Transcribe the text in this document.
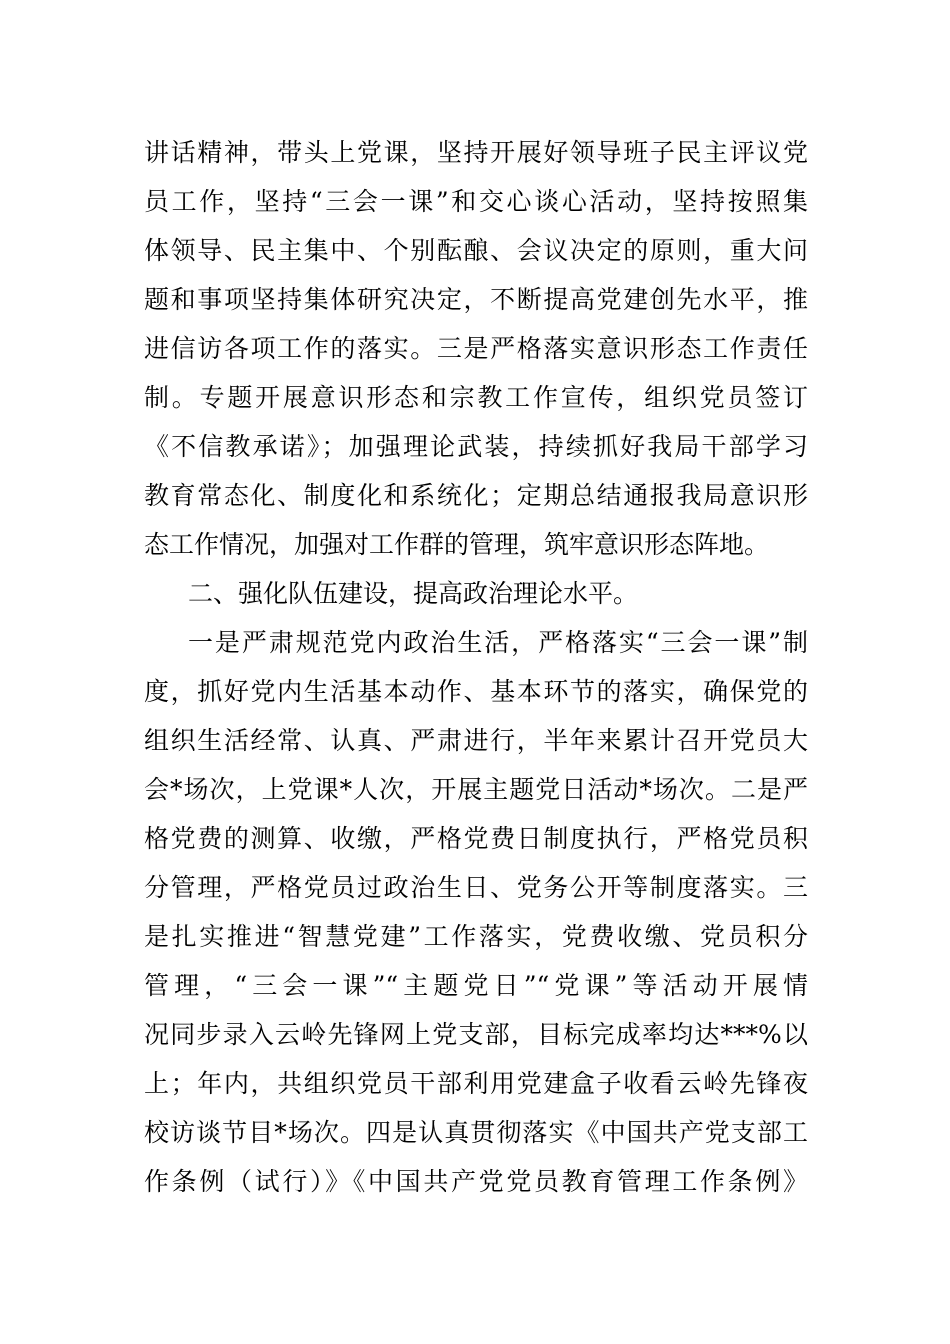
讲话精神，带头上党课，坚持开展好领导班子民主评议党
员工作，坚持“三会一课”和交心谈心活动，坚持按照集
体领导、民主集中、个别酝酿、会议决定的原则，重大问
题和事项坚持集体研究决定，不断提高党建创先水平，推
进信访各项工作的落实。三是严格落实意识形态工作责任
制。专题开展意识形态和宗教工作宣传，组织党员签订
《不信教承诺》；加强理论武装，持续抓好我局干部学习
教育常态化、制度化和系统化；定期总结通报我局意识形
态工作情况，加强对工作群的管理，筑牢意识形态阵地。
二、强化队伍建设，提高政治理论水平。
一是严肃规范党内政治生活，严格落实“三会一课”制
度，抓好党内生活基本动作、基本环节的落实，确保党的
组织生活经常、认真、严肃进行，半年来累计召开党员大
会*场次，上党课*人次，开展主题党日活动*场次。二是严
格党费的测算、收缴，严格党费日制度执行，严格党员积
分管理，严格党员过政治生日、党务公开等制度落实。三
是扎实推进“智慧党建”工作落实，党费收缴、党员积分
管理，“三会一课”“主题党日”“党课”等活动开展情
况同步录入云岭先锋网上党支部，目标完成率均达***%以
上；年内，共组织党员干部利用党建盒子收看云岭先锋夜
校访谈节目*场次。四是认真贯彻落实《中国共产党支部工
作条例（试行）》《中国共产党党员教育管理工作条例》
